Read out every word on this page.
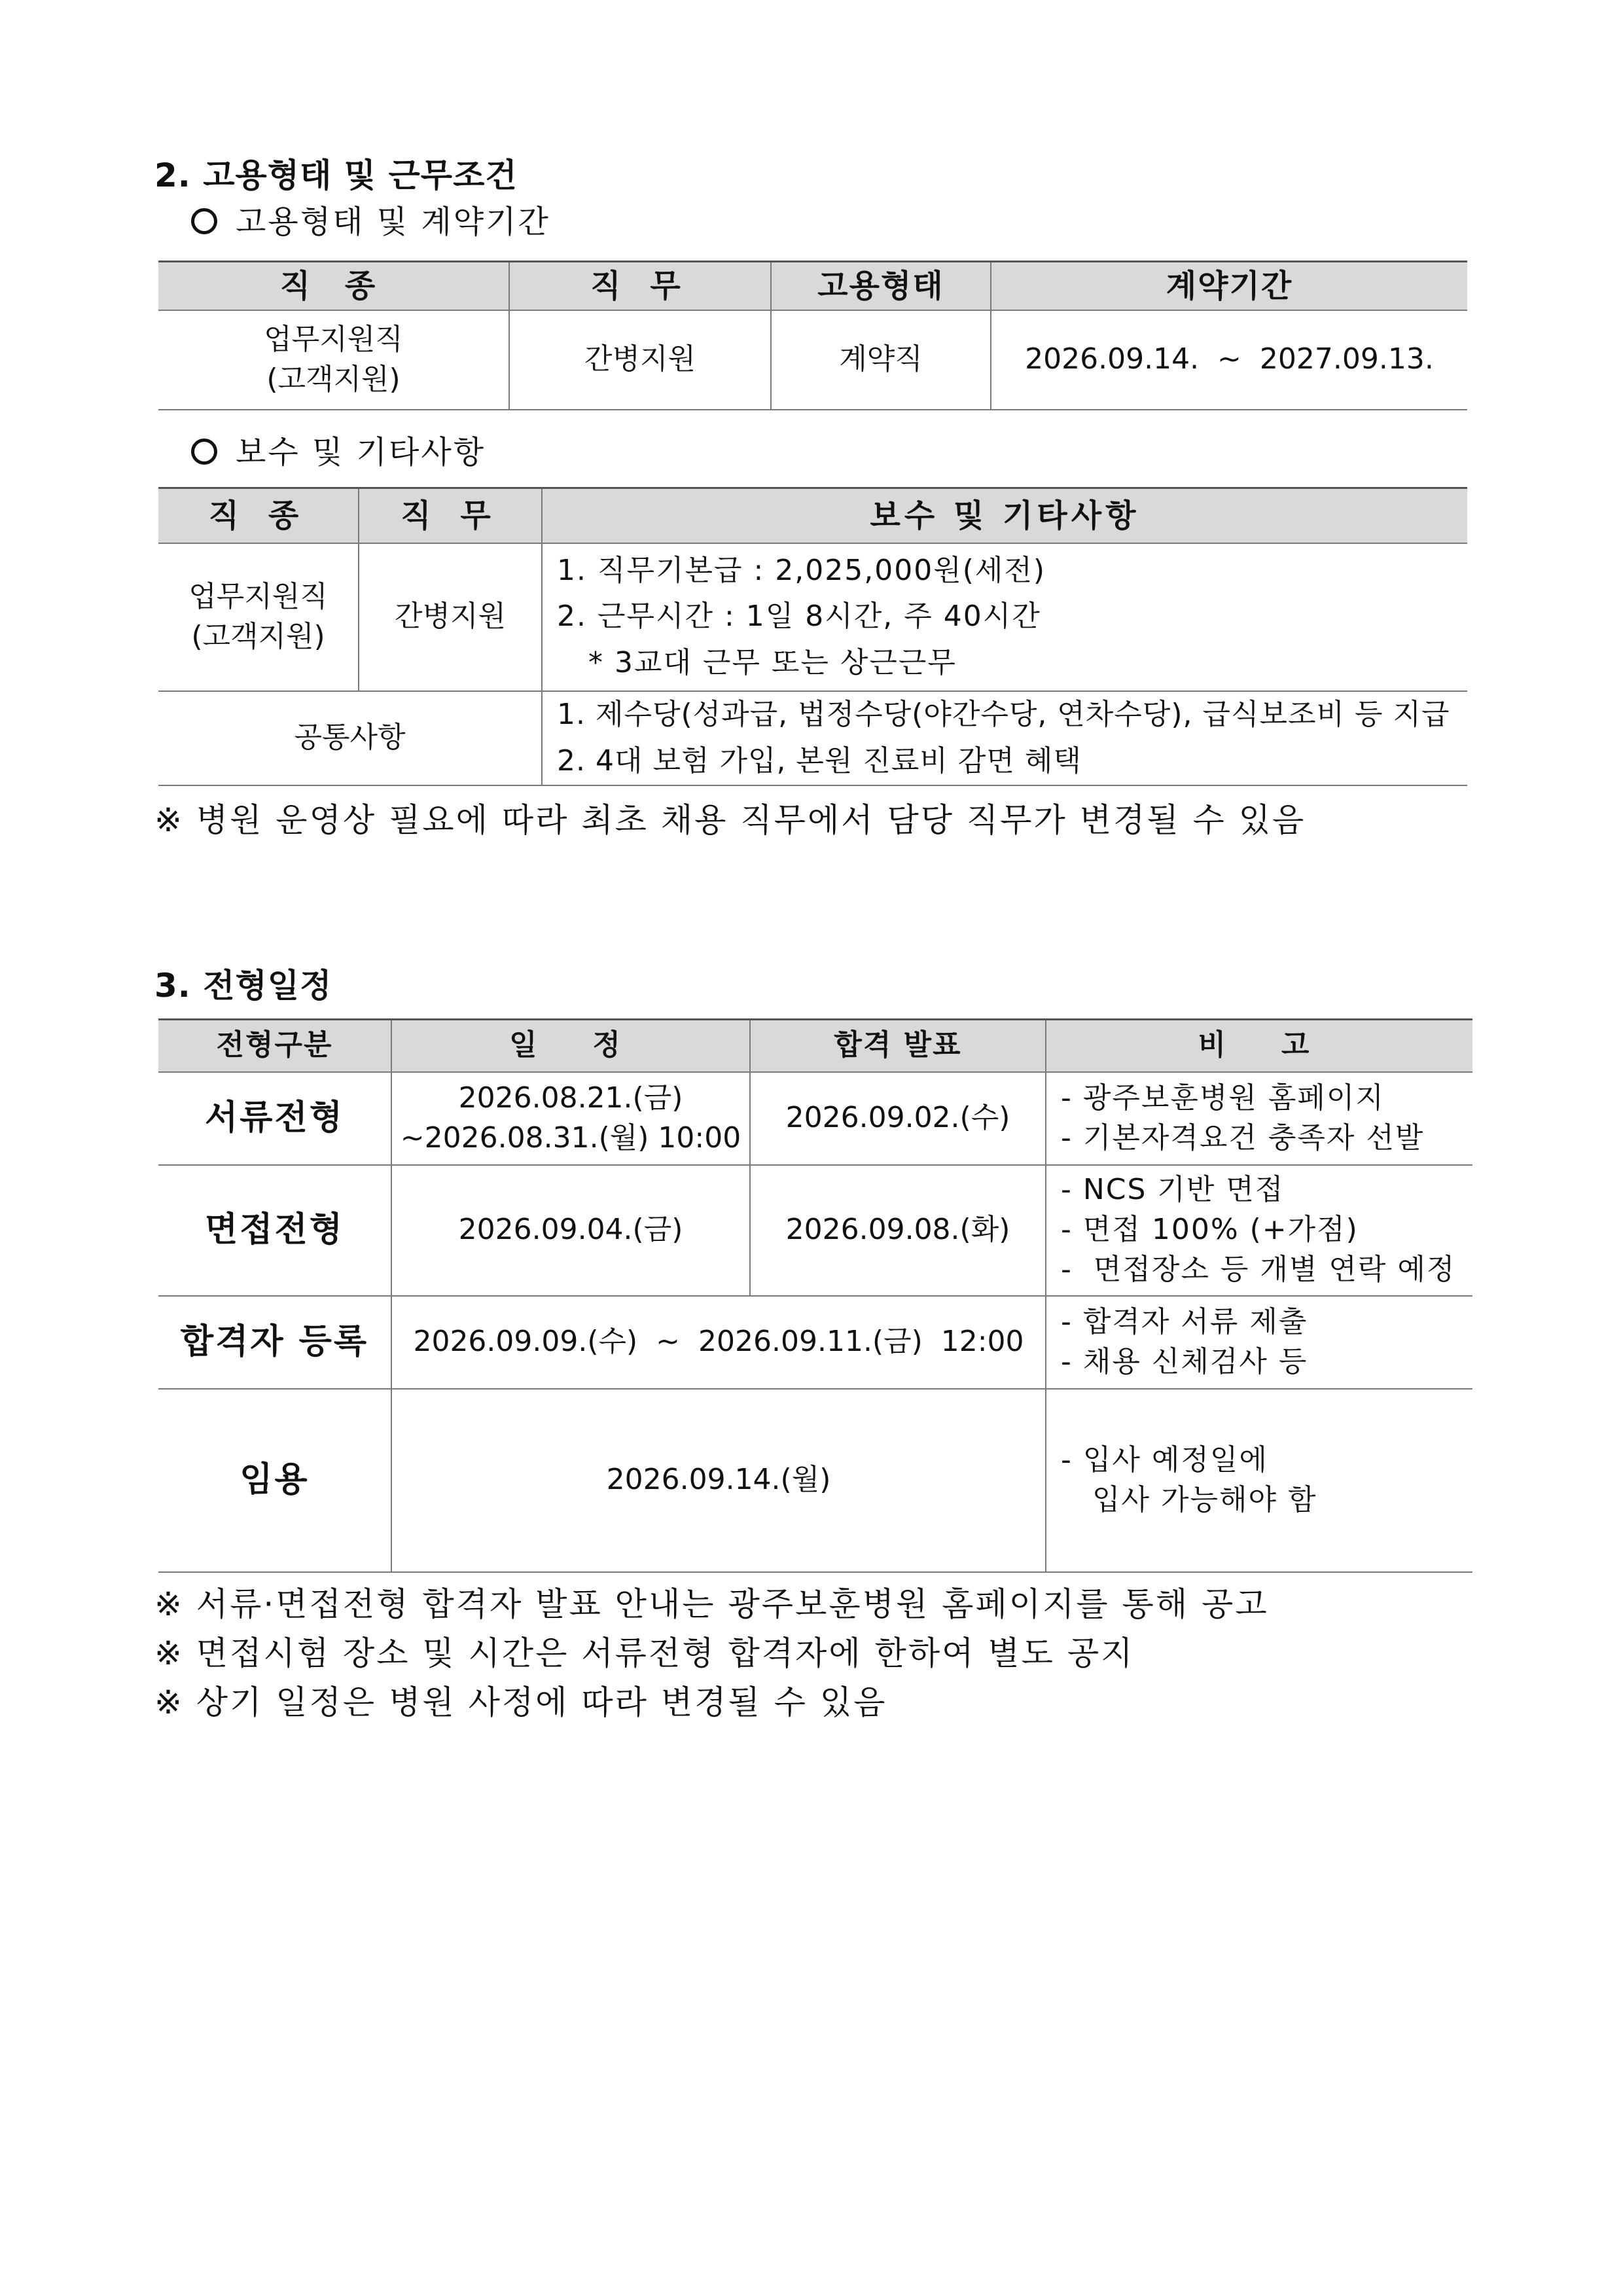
2. 고용형태 및 근무조건
고용형태 및 계약기간
직 종	직 무	고용형태	계약기간

업무지원직
(고객지원)	간병지원	계약직	2026.09.14.  ~  2027.09.13.
보수 및 기타사항
직 종	직 무	보수 및 기타사항

업무지원직
(고객지원)	간병지원	1. 직무기본급 : 2,025,000원(세전)
2. 근무시간 : 1일 8시간, 주 40시간
* 3교대 근무 또는 상근근무

공통사항		1. 제수당(성과급, 법정수당(야간수당, 연차수당), 급식보조비 등 지급
2. 4대 보험 가입, 본원 진료비 감면 혜택
※ 병원 운영상 필요에 따라 최초 채용 직무에서 담당 직무가 변경될 수 있음
3. 전형일정
전형구분	일  정	합격 발표	비  고
서류전형	2026.08.21.(금)
~2026.08.31.(월) 10:00	2026.09.02.(수)	- 광주보훈병원 홈페이지
- 기본자격요건 충족자 선발

면접전형	2026.09.04.(금)	2026.09.08.(화)	- NCS 기반 면접
- 면접 100% (+가점)
-  면접장소 등 개별 연락 예정

합격자 등록	2026.09.09.(수)  ~  2026.09.11.(금)  12:00		- 합격자 서류 제출
- 채용 신체검사 등

임용	2026.09.14.(월)		- 입사 예정일에
입사 가능해야 함
※ 서류·면접전형 합격자 발표 안내는 광주보훈병원 홈페이지를 통해 공고
※ 면접시험 장소 및 시간은 서류전형 합격자에 한하여 별도 공지
※ 상기 일정은 병원 사정에 따라 변경될 수 있음
